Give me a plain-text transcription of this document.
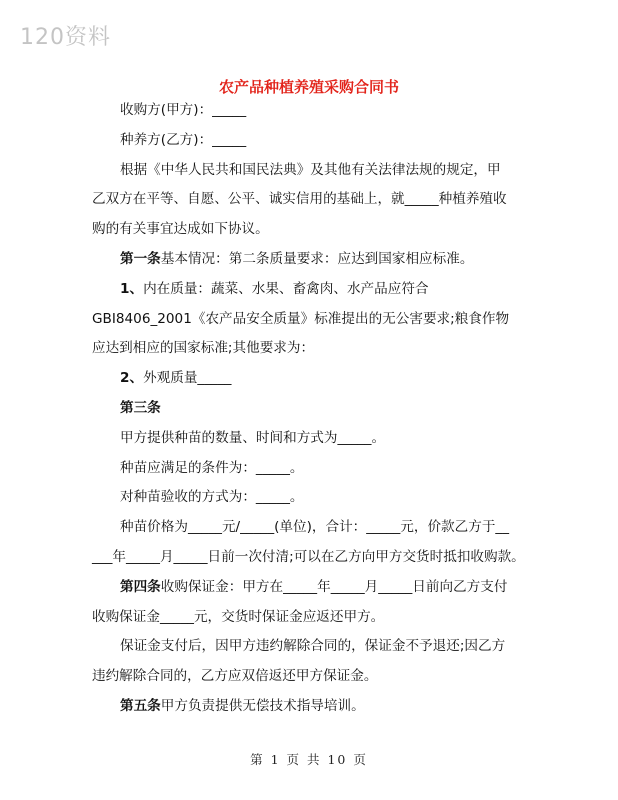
120资料
农产品种植养殖采购合同书
收购方(甲方)：_____
种养方(乙方)：_____
根据《中华人民共和国民法典》及其他有关法律法规的规定，甲
乙双方在平等、自愿、公平、诚实信用的基础上，就_____种植养殖收
购的有关事宜达成如下协议。
第一条基本情况：第二条质量要求：应达到国家相应标准。
1、内在质量：蔬菜、水果、畜禽肉、水产品应符合
GBI8406_2001《农产品安全质量》标准提出的无公害要求;粮食作物
应达到相应的国家标准;其他要求为：
2、外观质量_____
第三条
甲方提供种苗的数量、时间和方式为_____。
种苗应满足的条件为：_____。
对种苗验收的方式为：_____。
种苗价格为_____元/_____(单位)，合计：_____元，价款乙方于__
___年_____月_____日前一次付清;可以在乙方向甲方交货时抵扣收购款。
第四条收购保证金：甲方在_____年_____月_____日前向乙方支付
收购保证金_____元，交货时保证金应返还甲方。
保证金支付后，因甲方违约解除合同的，保证金不予退还;因乙方
违约解除合同的，乙方应双倍返还甲方保证金。
第五条甲方负责提供无偿技术指导培训。
第 1 页 共 10 页
